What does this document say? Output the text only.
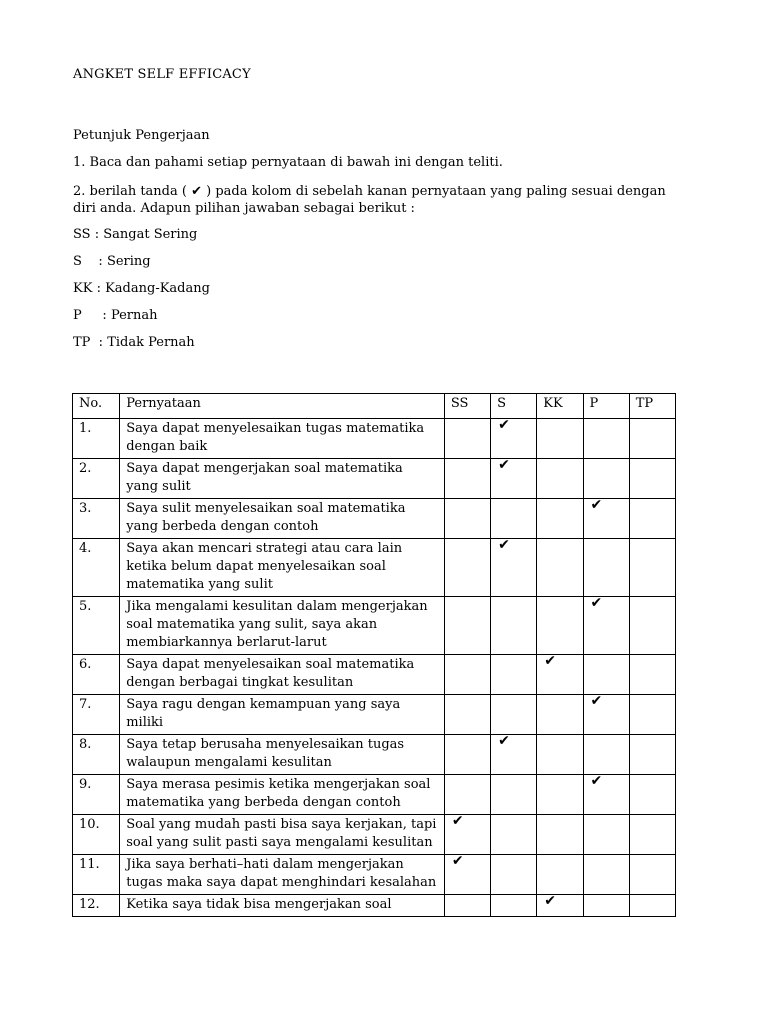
ANGKET SELF EFFICACY
Petunjuk Pengerjaan
1. Baca dan pahami setiap pernyataan di bawah ini dengan teliti.
2. berilah tanda ( ✔ ) pada kolom di sebelah kanan pernyataan yang paling sesuai dengan diri anda. Adapun pilihan jawaban sebagai berikut :
SS : Sangat Sering
S    : Sering
KK : Kadang-Kadang
P     : Pernah
TP  : Tidak Pernah
No.	Pernyataan	SS	S	KK	P	TP
1.	Saya dapat menyelesaikan tugas matematika dengan baik		✔			

2.	Saya dapat mengerjakan soal matematika yang sulit		✔			

3.	Saya sulit menyelesaikan soal matematika yang berbeda dengan contoh				✔	

4.	Saya akan mencari strategi atau cara lain ketika belum dapat menyelesaikan soal matematika yang sulit		✔			

5.	Jika mengalami kesulitan dalam mengerjakan soal matematika yang sulit, saya akan membiarkannya berlarut-larut				✔	

6.	Saya dapat menyelesaikan soal matematika dengan berbagai tingkat kesulitan			✔		

7.	Saya ragu dengan kemampuan yang saya miliki				✔	

8.	Saya tetap berusaha menyelesaikan tugas walaupun mengalami kesulitan		✔			

9.	Saya merasa pesimis ketika mengerjakan soal matematika yang berbeda dengan contoh				✔	

10.	Soal yang mudah pasti bisa saya kerjakan, tapi soal yang sulit pasti saya mengalami kesulitan	✔				

11.	Jika saya berhati–hati dalam mengerjakan tugas maka saya dapat menghindari kesalahan	✔				

12.	Ketika saya tidak bisa mengerjakan soal			✔		
